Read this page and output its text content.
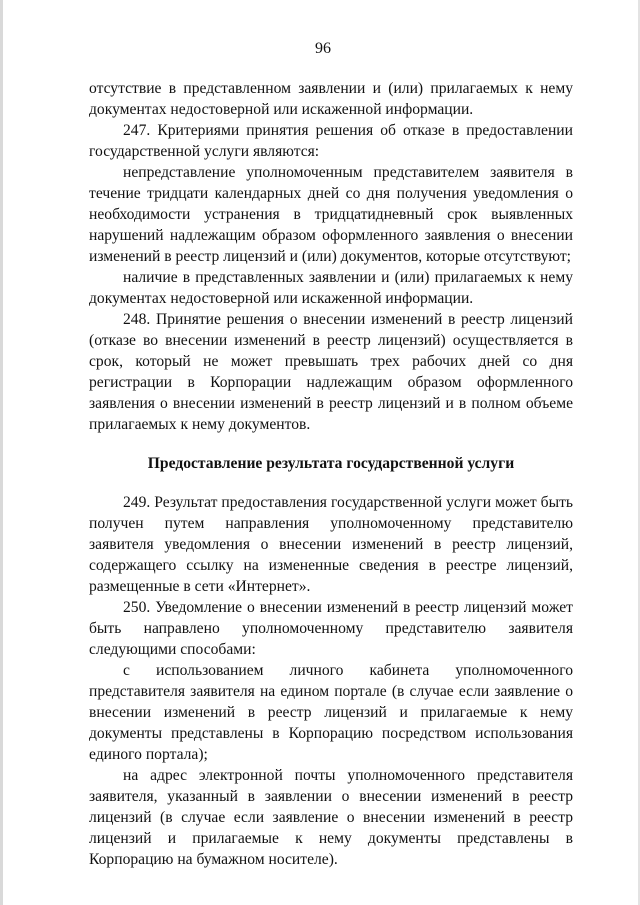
96

отсутствие в представленном заявлении и (или) прилагаемых к нему документах недостоверной или искаженной информации.

247. Критериями принятия решения об отказе в предоставлении государственной услуги являются:

непредставление уполномоченным представителем заявителя в течение тридцати календарных дней со дня получения уведомления о необходимости устранения в тридцатидневный срок выявленных нарушений надлежащим образом оформленного заявления о внесении изменений в реестр лицензий и (или) документов, которые отсутствуют;

наличие в представленных заявлении и (или) прилагаемых к нему документах недостоверной или искаженной информации.

248. Принятие решения о внесении изменений в реестр лицензий (отказе во внесении изменений в реестр лицензий) осуществляется в срок, который не может превышать трех рабочих дней со дня регистрации в Корпорации надлежащим образом оформленного заявления о внесении изменений в реестр лицензий и в полном объеме прилагаемых к нему документов.

Предоставление результата государственной услуги

249. Результат предоставления государственной услуги может быть получен путем направления уполномоченному представителю заявителя уведомления о внесении изменений в реестр лицензий, содержащего ссылку на измененные сведения в реестре лицензий, размещенные в сети «Интернет».

250. Уведомление о внесении изменений в реестр лицензий может быть направлено уполномоченному представителю заявителя следующими способами:

с использованием личного кабинета уполномоченного представителя заявителя на едином портале (в случае если заявление о внесении изменений в реестр лицензий и прилагаемые к нему документы представлены в Корпорацию посредством использования единого портала);

на адрес электронной почты уполномоченного представителя заявителя, указанный в заявлении о внесении изменений в реестр лицензий (в случае если заявление о внесении изменений в реестр лицензий и прилагаемые к нему документы представлены в Корпорацию на бумажном носителе).
